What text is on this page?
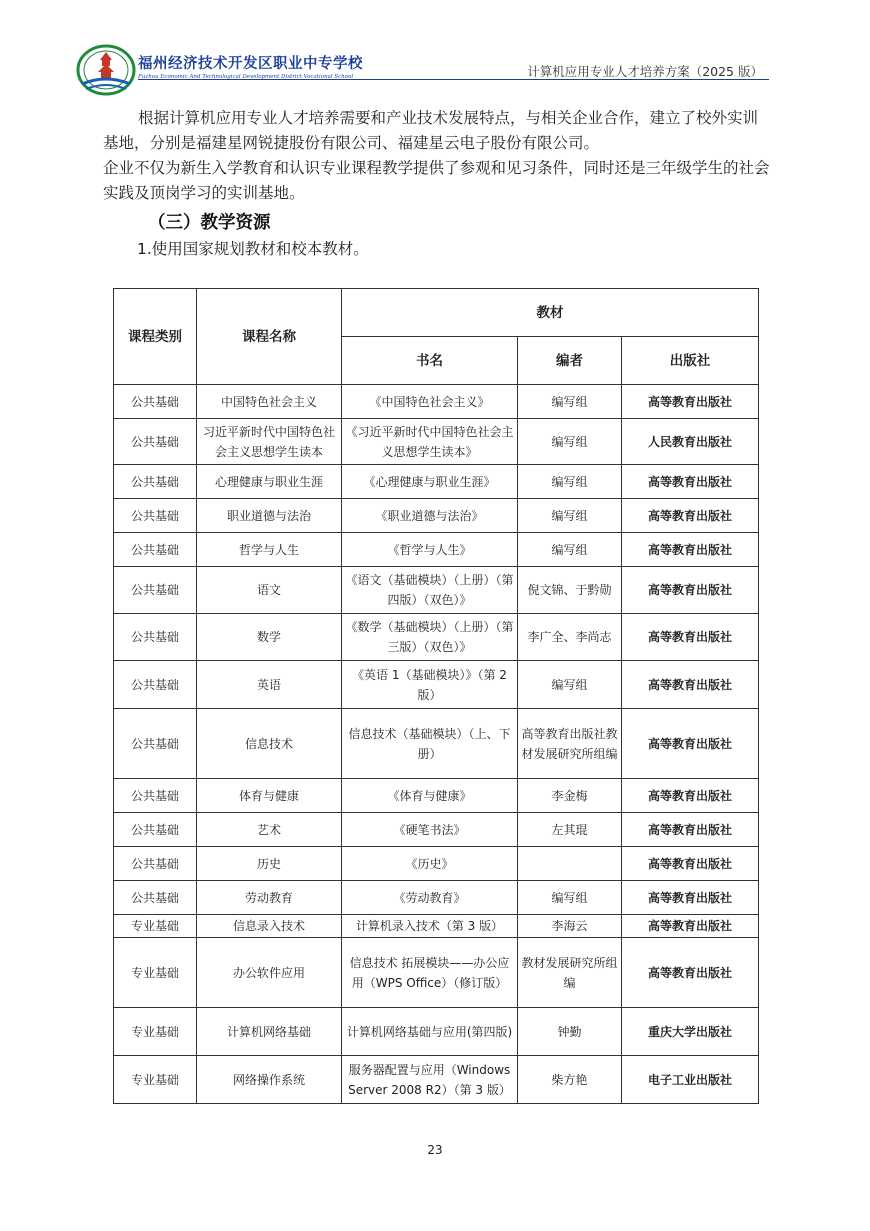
福州经济技术开发区职业中专学校
Fuzhou Economic And Technological Development District Vocational School	计算机应用专业人才培养方案（2025 版）

根据计算机应用专业人才培养需要和产业技术发展特点，与相关企业合作，建立了校外实训基地，分别是福建星网锐捷股份有限公司、福建星云电子股份有限公司。

企业不仅为新生入学教育和认识专业课程教学提供了参观和见习条件，同时还是三年级学生的社会实践及顶岗学习的实训基地。

（三）教学资源
1.使用国家规划教材和校本教材。
课程类别	课程名称	教材		
		书名	编者	出版社
公共基础	中国特色社会主义	《中国特色社会主义》	编写组	高等教育出版社
公共基础	习近平新时代中国特色社会主义思想学生读本	《习近平新时代中国特色社会主义思想学生读本》	编写组	人民教育出版社
公共基础	心理健康与职业生涯	《心理健康与职业生涯》	编写组	高等教育出版社
公共基础	职业道德与法治	《职业道德与法治》	编写组	高等教育出版社
公共基础	哲学与人生	《哲学与人生》	编写组	高等教育出版社
公共基础	语文	《语文（基础模块）（上册）（第四版）（双色）》	倪文锦、于黔勋	高等教育出版社
公共基础	数学	《数学（基础模块）（上册）（第三版）（双色）》	李广全、李尚志	高等教育出版社
公共基础	英语	《英语 1（基础模块）》（第 2 版）	编写组	高等教育出版社
公共基础	信息技术	信息技术（基础模块）（上、下册）	高等教育出版社教材发展研究所组编	高等教育出版社
公共基础	体育与健康	《体育与健康》	李金梅	高等教育出版社
公共基础	艺术	《硬笔书法》	左其琨	高等教育出版社
公共基础	历史	《历史》		高等教育出版社
公共基础	劳动教育	《劳动教育》	编写组	高等教育出版社
专业基础	信息录入技术	计算机录入技术（第 3 版）	李海云	高等教育出版社
专业基础	办公软件应用	信息技术 拓展模块——办公应用（WPS Office）（修订版）	教材发展研究所组编	高等教育出版社
专业基础	计算机网络基础	计算机网络基础与应用(第四版)	钟勤	重庆大学出版社
专业基础	网络操作系统	服务器配置与应用（Windows Server 2008 R2）（第 3 版）	柴方艳	电子工业出版社
23
